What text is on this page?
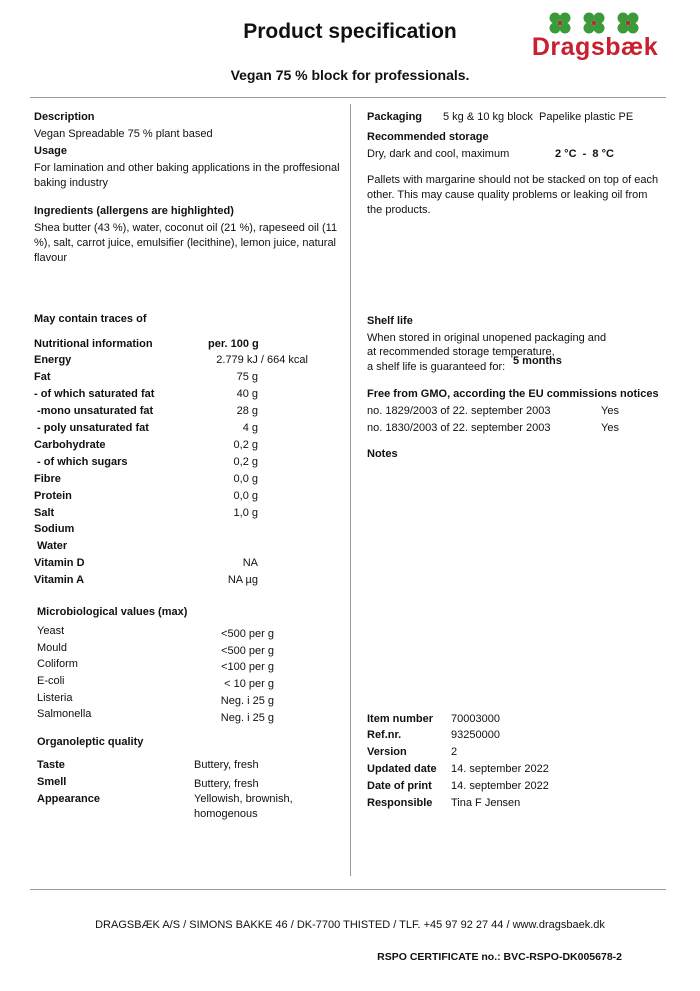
Product specification
Vegan 75 % block for professionals.
Dragsbæk
Description
Vegan Spreadable 75 % plant based
Usage
For lamination and other baking applications in the proffesional baking industry
Ingredients (allergens are highlighted)
Shea butter (43 %), water, coconut oil (21 %), rapeseed oil (11 %), salt, carrot juice, emulsifier (lecithine), lemon juice, natural flavour
May contain traces of
Nutritional information	per. 100 g
Energy	2.779 kJ / 664 kcal
Fat	75 g
- of which saturated fat	40 g
-mono unsaturated fat	28 g
- poly unsaturated fat	4 g
Carbohydrate	0,2 g
- of which sugars	0,2 g
Fibre	0,0 g
Protein	0,0 g
Salt	1,0 g
Sodium
Water
Vitamin D	NA
Vitamin A	NA µg
Microbiological values (max)
Yeast	<500 per g
Mould	<500 per g
Coliform	<100 per g
E-coli	< 10 per g
Listeria	Neg. i 25 g
Salmonella	Neg. i 25 g
Organoleptic quality
Taste	Buttery, fresh
Smell	Buttery, fresh
Appearance	Yellowish, brownish, homogenous
Packaging 5 kg & 10 kg block Papelike plastic PE
Recommended storage
Dry, dark and cool, maximum	2 °C  -  8 °C
Pallets with margarine should not be stacked on top of each other. This may cause quality problems or leaking oil from the products.
Shelf life
When stored in original unopened packaging and
at recommended storage temperature,
a shelf life is guaranteed for: 5 months
Free from GMO, according the EU commissions notices
no. 1829/2003 of 22. september 2003	Yes
no. 1830/2003 of 22. september 2003	Yes
Notes
Item number 70003000
Ref.nr.	93250000
Version	2
Updated date 14. september 2022
Date of print 14. september 2022
Responsible Tina F Jensen
DRAGSBÆK A/S / SIMONS BAKKE 46 / DK-7700 THISTED / TLF. +45 97 92 27 44 / www.dragsbaek.dk
RSPO CERTIFICATE no.: BVC-RSPO-DK005678-2
